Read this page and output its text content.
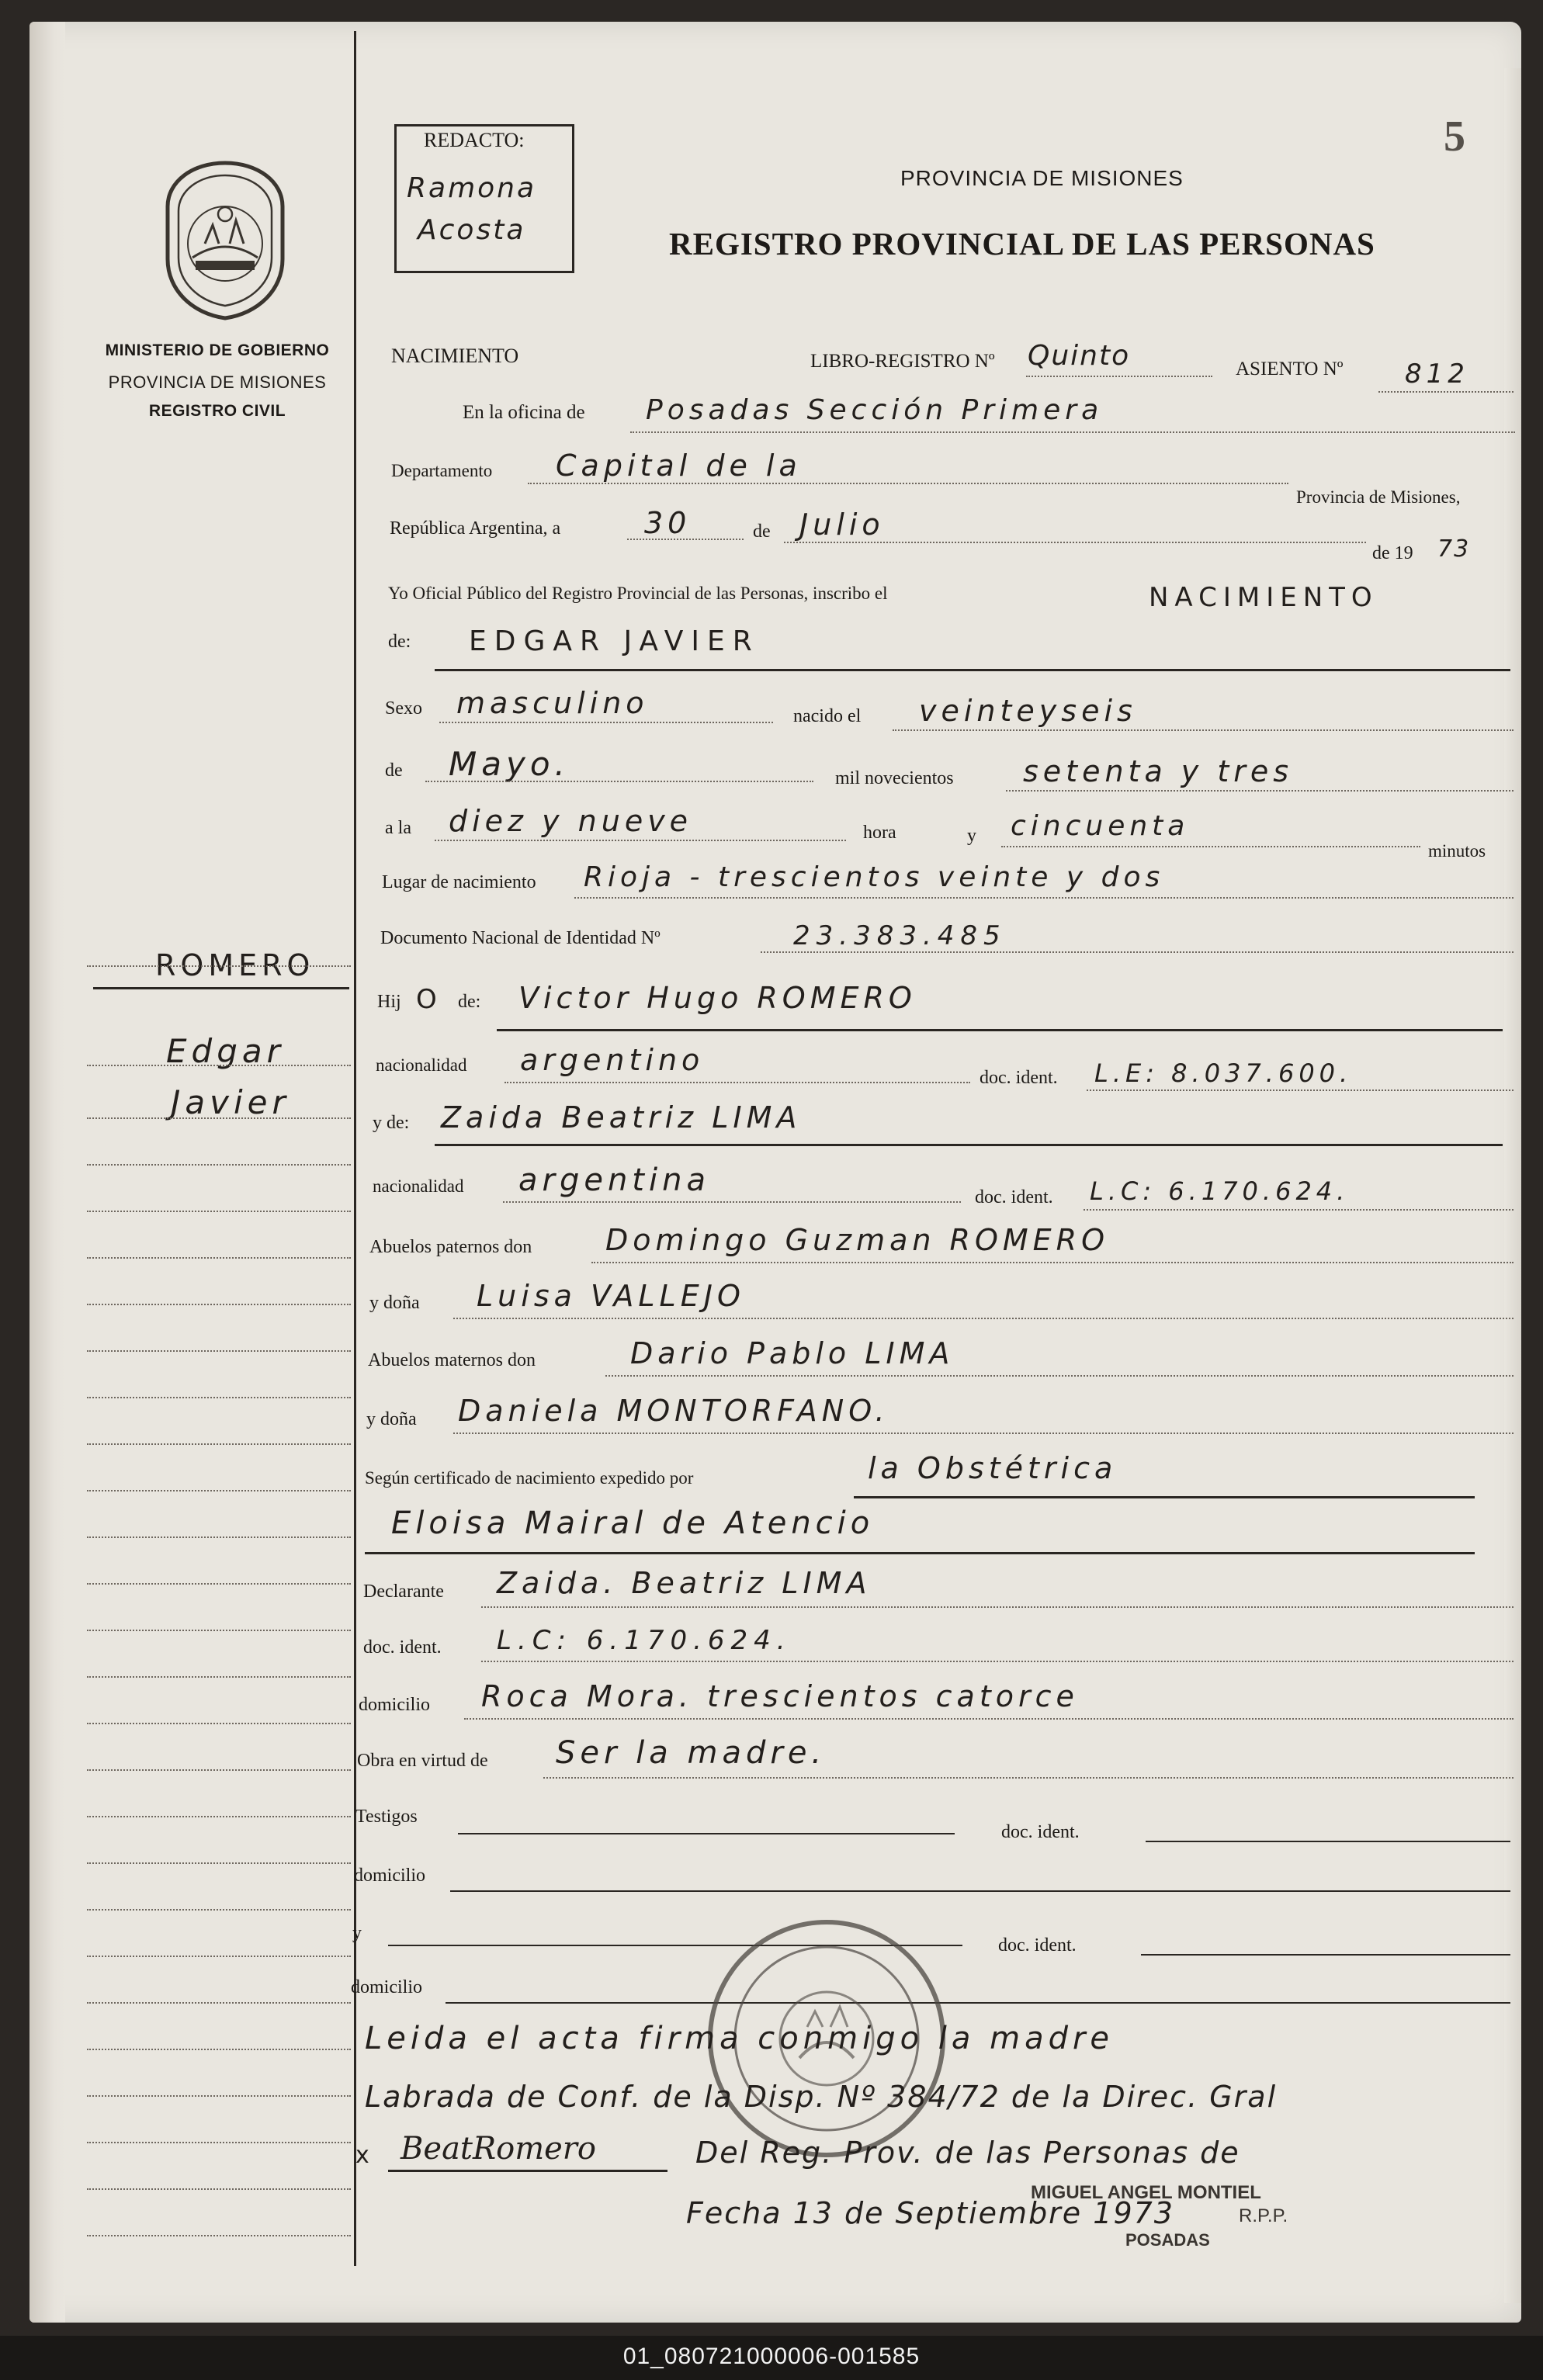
MINISTERIO DE GOBIERNO
PROVINCIA DE MISIONES
REGISTRO CIVIL
ROMERO
Edgar
Javier
REDACTO:
Ramona
Acosta
PROVINCIA DE MISIONES
REGISTRO PROVINCIAL DE LAS PERSONAS
5
NACIMIENTO	LIBRO-REGISTRO Nº Quinto	ASIENTO Nº 812
En la oficina de Posadas Sección Primera
Departamento Capital de la
Provincia de Misiones,
República Argentina, a	30	de Julio
de 19 73
Yo Oficial Público del Registro Provincial de las Personas, inscribo el	NACIMIENTO
de: EDGAR JAVIER
Sexo masculino	nacido el veinteyseis
de Mayo.	mil novecientos setenta y tres
a la diez y nueve	hora	y cincuenta
minutos
Lugar de nacimiento Rioja - trescientos veinte y dos
Documento Nacional de Identidad Nº	23.383.485
Hij O de: Victor Hugo ROMERO
nacionalidad argentino
doc. ident. L.E: 8.037.600.
y de: Zaida Beatriz LIMA
nacionalidad argentina	doc. ident. L.C: 6.170.624.
Abuelos paternos don Domingo Guzman ROMERO
y doña Luisa VALLEJO
Abuelos maternos don	Dario Pablo LIMA
y doña Daniela MONTORFANO.
Según certificado de nacimiento expedido por	la Obstétrica
Eloisa Mairal de Atencio
Declarante Zaida. Beatriz LIMA
doc. ident. L.C: 6.170.624.
domicilio Roca Mora. trescientos catorce
Obra en virtud de Ser la madre.
Testigos
doc. ident.
domicilio
y
doc. ident.
domicilio
Leida el acta firma conmigo la madre
Labrada de Conf. de la Disp. Nº 384/72 de la Direc. Gral
x BeatRomero	Del Reg. Prov. de las Personas de
Fecha 13 de Septiembre 1973
MIGUEL ANGEL MONTIEL
R.P.P.
POSADAS
01_080721000006-001585
